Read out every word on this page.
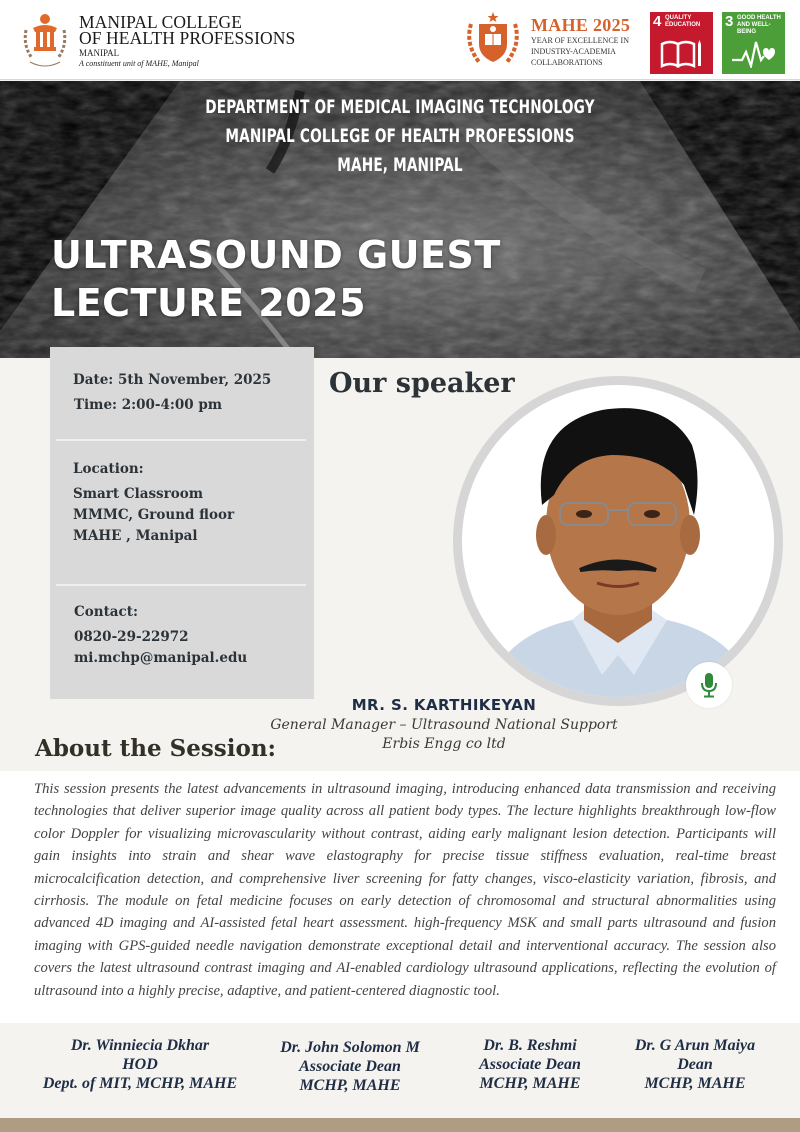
MANIPAL COLLEGE
OF HEALTH PROFESSIONS
MANIPAL
A constituent unit of MAHE, Manipal
MAHE 2025
YEAR OF EXCELLENCE IN
INDUSTRY-ACADEMIA
COLLABORATIONS
4 QUALITY
EDUCATION 3 GOOD HEALTH
AND WELL-BEING
DEPARTMENT OF MEDICAL IMAGING TECHNOLOGY
MANIPAL COLLEGE OF HEALTH PROFESSIONS
MAHE, MANIPAL
ULTRASOUND GUEST
LECTURE 2025
Date: 5th November, 2025
Time: 2:00-4:00 pm
Location:
Smart Classroom
MMMC, Ground floor
MAHE , Manipal
Contact:
0820-29-22972
mi.mchp@manipal.edu
Our speaker
MR. S. KARTHIKEYAN
General Manager – Ultrasound National Support
Erbis Engg co ltd
About the Session:

This session presents the latest advancements in ultrasound imaging, introducing enhanced data transmission and receiving technologies that deliver superior image quality across all patient body types. The lecture highlights breakthrough low-flow color Doppler for visualizing microvascularity without contrast, aiding early malignant lesion detection. Participants will gain insights into strain and shear wave elastography for precise tissue stiffness evaluation, real-time breast microcalcification detection, and comprehensive liver screening for fatty changes, visco-elasticity variation, fibrosis, and cirrhosis. The module on fetal medicine focuses on early detection of chromosomal and structural abnormalities using advanced 4D imaging and AI-assisted fetal heart assessment. high-frequency MSK and small parts ultrasound and fusion imaging with GPS-guided needle navigation demonstrate exceptional detail and interventional accuracy. The session also covers the latest ultrasound contrast imaging and AI-enabled cardiology ultrasound applications, reflecting the evolution of ultrasound into a highly precise, adaptive, and patient-centered diagnostic tool.

Dr. Winniecia Dkhar
HOD
Dept. of MIT, MCHP, MAHE
Dr. John Solomon M
Associate Dean
MCHP, MAHE
Dr. B. Reshmi
Associate Dean
MCHP, MAHE
Dr. G Arun Maiya
Dean
MCHP, MAHE
